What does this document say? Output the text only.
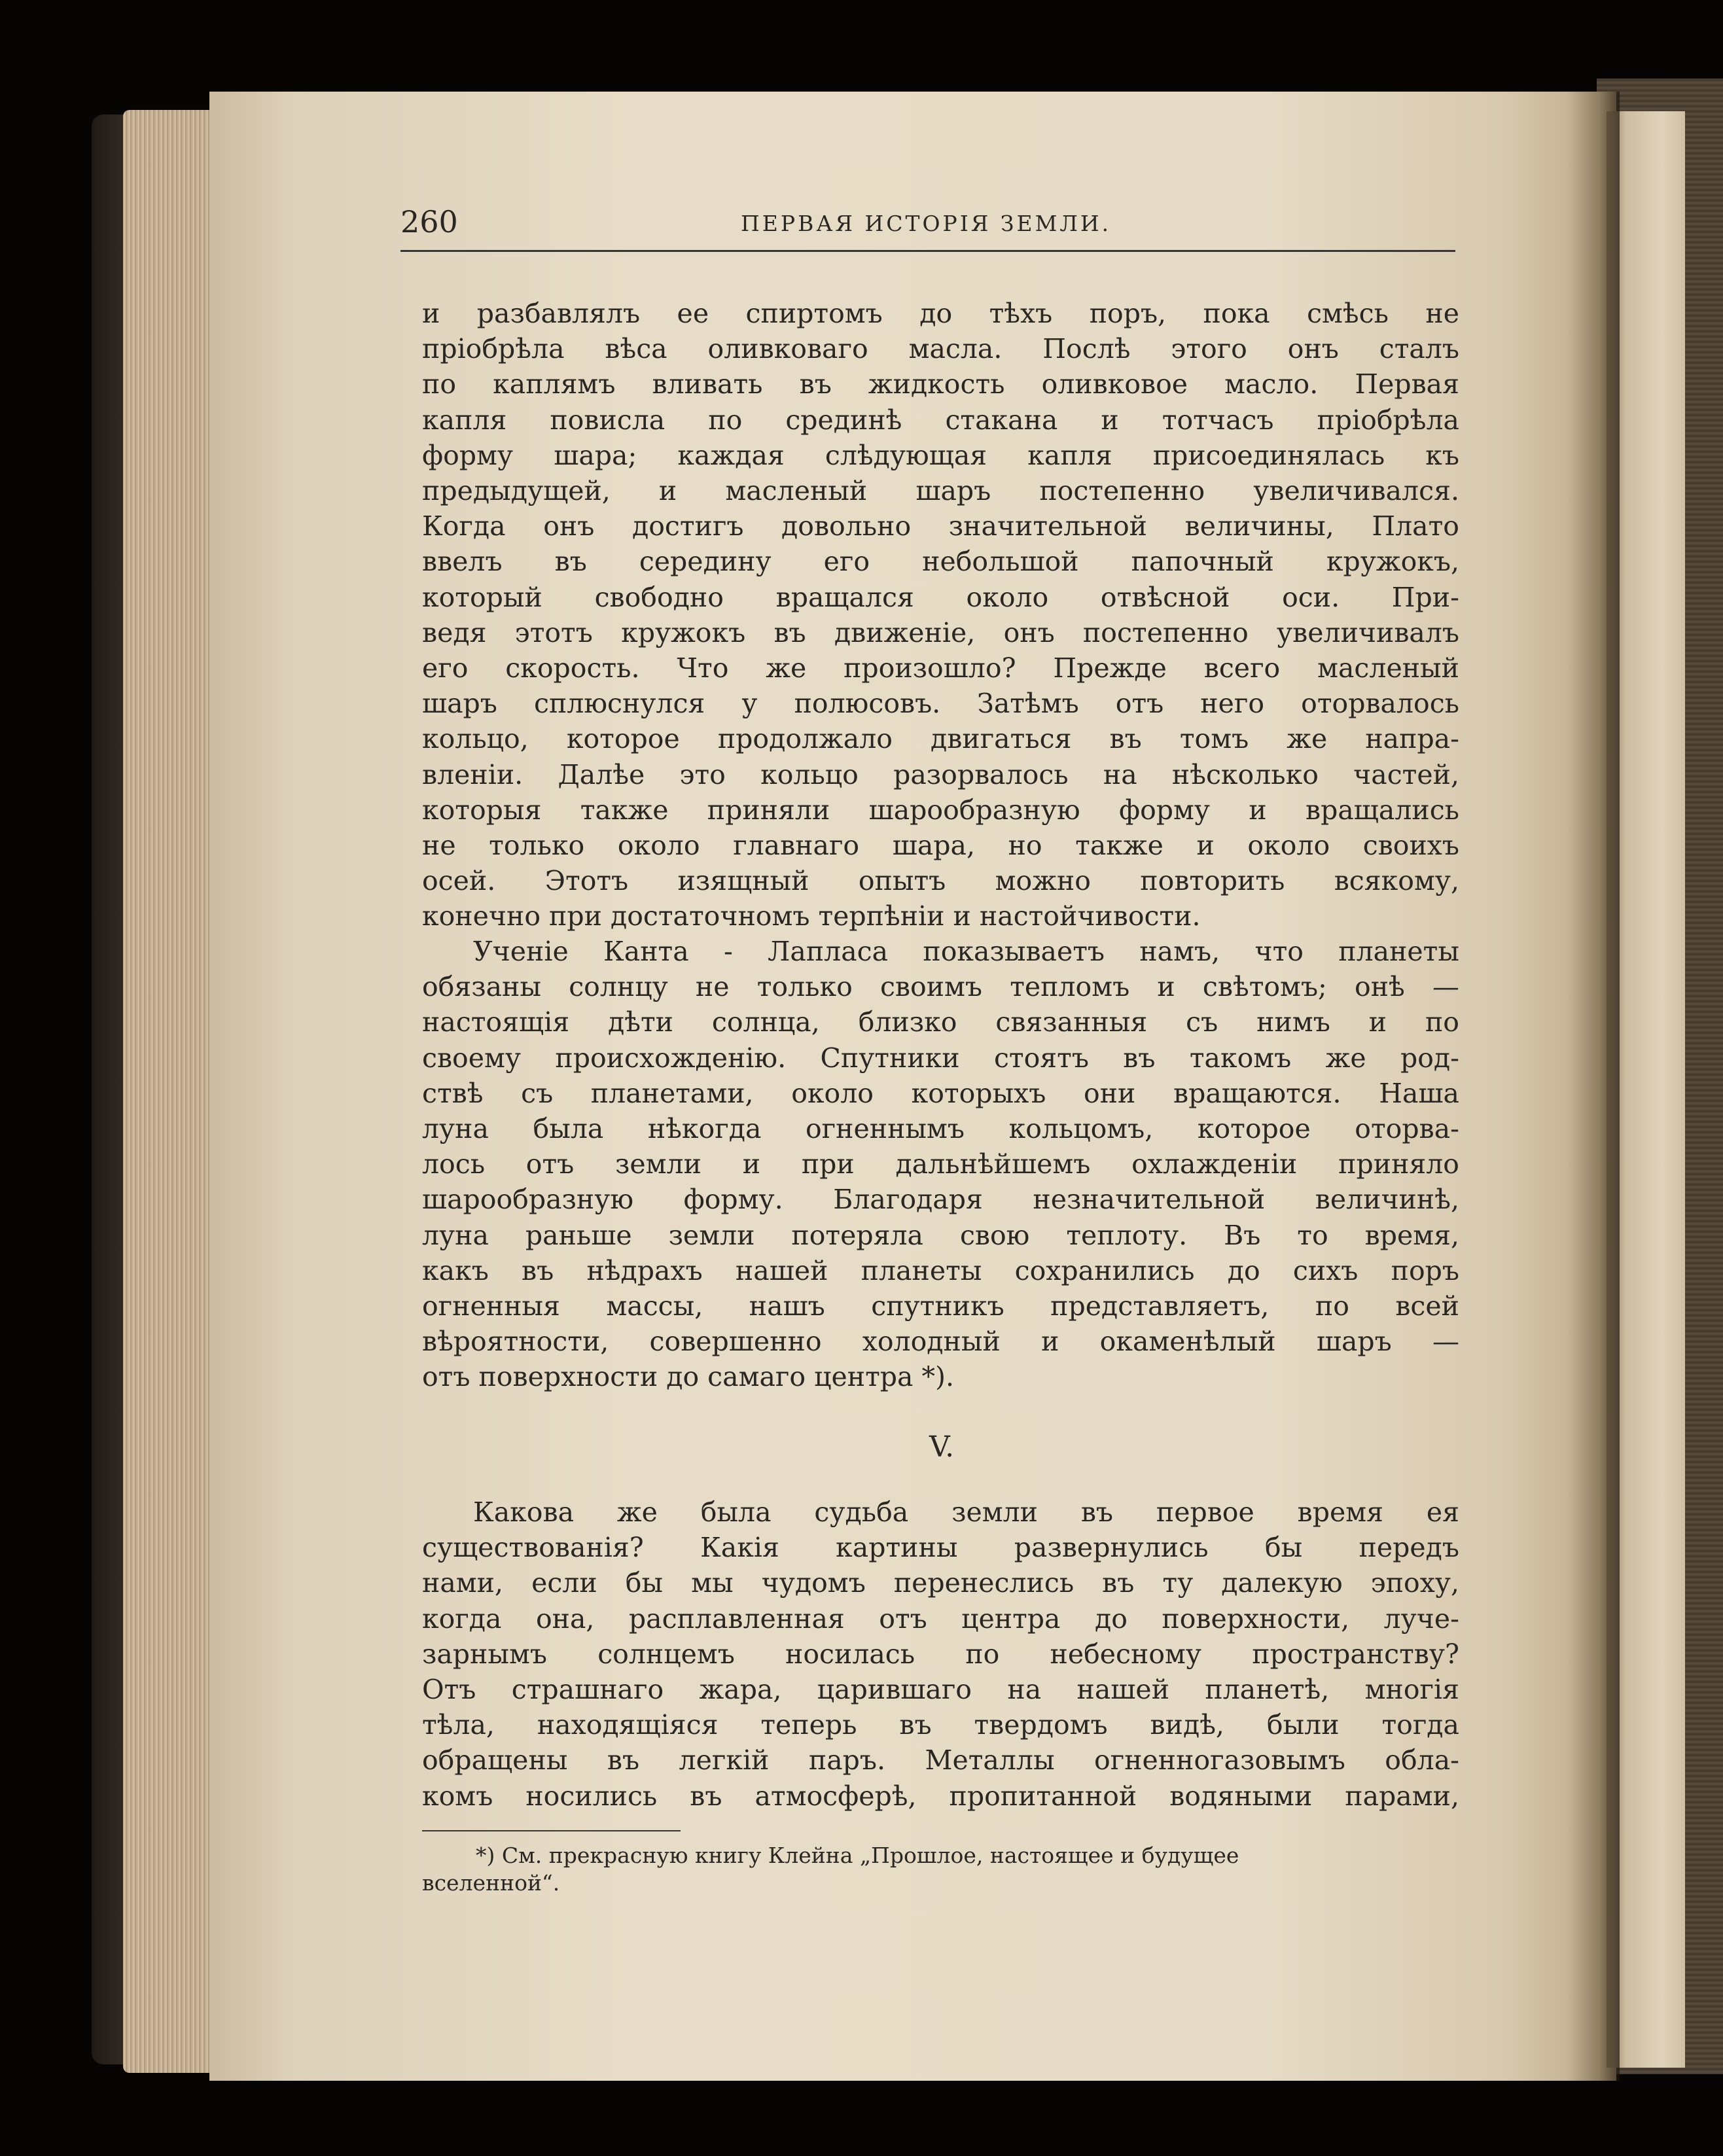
260	ПЕРВАЯ ИСТОРІЯ ЗЕМЛИ.
и разбавлялъ ее спиртомъ до тѣхъ поръ, пока смѣсь не
пріобрѣла вѣса оливковаго масла. Послѣ этого онъ сталъ
по каплямъ вливать въ жидкость оливковое масло. Первая
капля повисла по срединѣ стакана и тотчасъ пріобрѣла
форму шара; каждая слѣдующая капля присоединялась къ
предыдущей, и масленый шаръ постепенно увеличивался.
Когда онъ достигъ довольно значительной величины, Плато
ввелъ въ середину его небольшой папочный кружокъ,
который свободно вращался около отвѣсной оси. При-
ведя этотъ кружокъ въ движеніе, онъ постепенно увеличивалъ
его скорость. Что же произошло? Прежде всего масленый
шаръ сплюснулся у полюсовъ. Затѣмъ отъ него оторвалось
кольцо, которое продолжало двигаться въ томъ же напра-
вленіи. Далѣе это кольцо разорвалось на нѣсколько частей,
которыя также приняли шарообразную форму и вращались
не только около главнаго шара, но также и около своихъ
осей. Этотъ изящный опытъ можно повторить всякому,
конечно при достаточномъ терпѣніи и настойчивости.
Ученіе Канта - Лапласа показываетъ намъ, что планеты
обязаны солнцу не только своимъ тепломъ и свѣтомъ; онѣ —
настоящія дѣти солнца, близко связанныя съ нимъ и по
своему происхожденію. Спутники стоятъ въ такомъ же род-
ствѣ съ планетами, около которыхъ они вращаются. Наша
луна была нѣкогда огненнымъ кольцомъ, которое оторва-
лось отъ земли и при дальнѣйшемъ охлажденіи приняло
шарообразную форму. Благодаря незначительной величинѣ,
луна раньше земли потеряла свою теплоту. Въ то время,
какъ въ нѣдрахъ нашей планеты сохранились до сихъ поръ
огненныя массы, нашъ спутникъ представляетъ, по всей
вѣроятности, совершенно холодный и окаменѣлый шаръ —
отъ поверхности до самаго центра *).
V.
Какова же была судьба земли въ первое время ея
существованія? Какія картины развернулись бы передъ
нами, если бы мы чудомъ перенеслись въ ту далекую эпоху,
когда она, расплавленная отъ центра до поверхности, луче-
зарнымъ солнцемъ носилась по небесному пространству?
Отъ страшнаго жара, царившаго на нашей планетѣ, многія
тѣла, находящіяся теперь въ твердомъ видѣ, были тогда
обращены въ легкій паръ. Металлы огненногазовымъ обла-
комъ носились въ атмосферѣ, пропитанной водяными парами,
*) См. прекрасную книгу Клейна „Прошлое, настоящее и будущее
вселенной“.
